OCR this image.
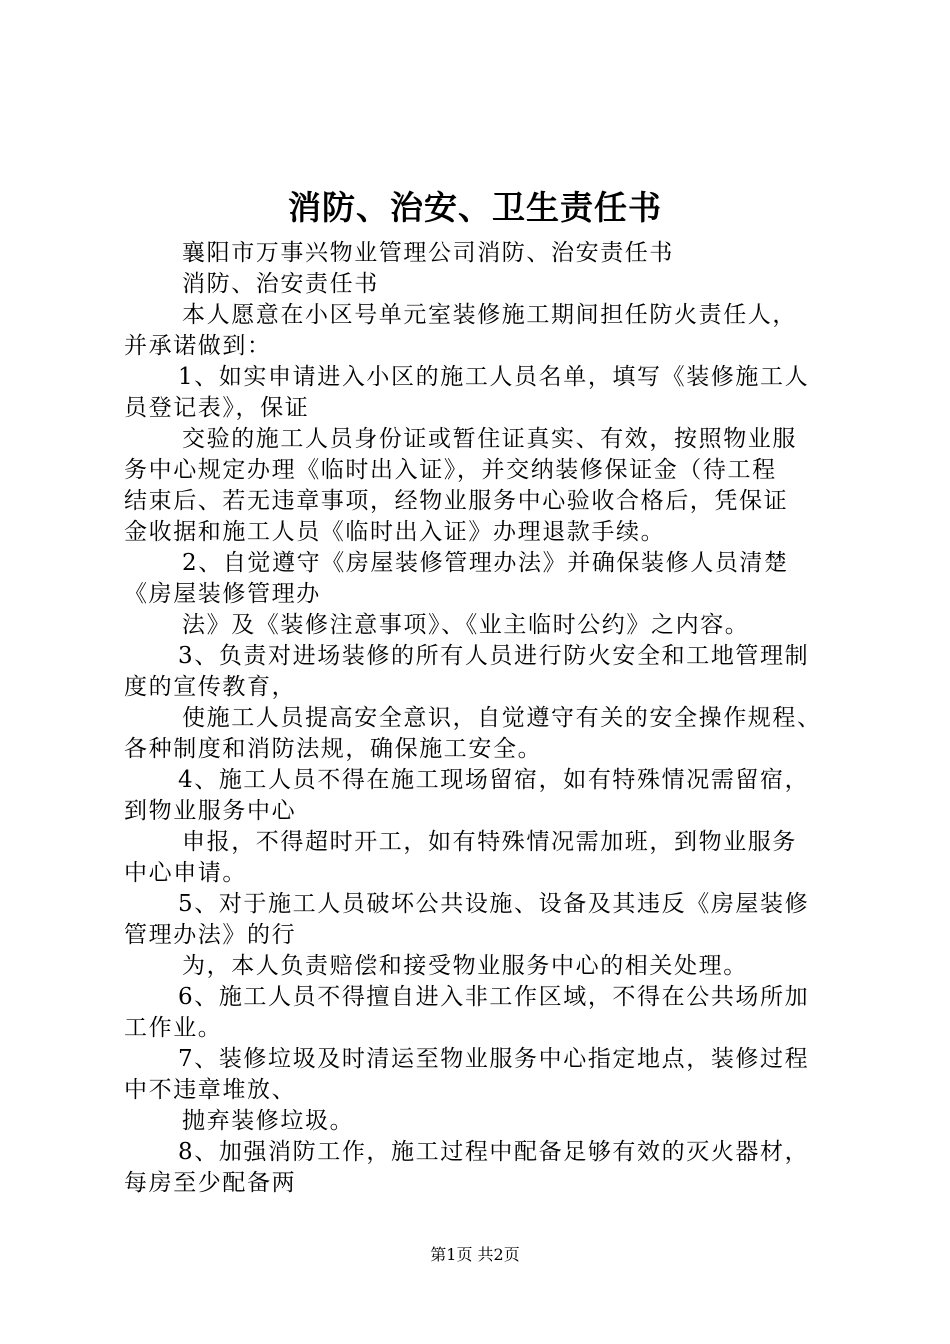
消防、治安、卫生责任书
襄阳市万事兴物业管理公司消防、治安责任书
消防、治安责任书
本人愿意在小区号单元室装修施工期间担任防火责任人，
并承诺做到：
1、如实申请进入小区的施工人员名单，填写《装修施工人
员登记表》，保证
交验的施工人员身份证或暂住证真实、有效，按照物业服
务中心规定办理《临时出入证》，并交纳装修保证金（待工程
结束后、若无违章事项，经物业服务中心验收合格后，凭保证
金收据和施工人员《临时出入证》办理退款手续。
2、自觉遵守《房屋装修管理办法》并确保装修人员清楚
《房屋装修管理办
法》及《装修注意事项》、《业主临时公约》之内容。
3、负责对进场装修的所有人员进行防火安全和工地管理制
度的宣传教育，
使施工人员提高安全意识，自觉遵守有关的安全操作规程、
各种制度和消防法规，确保施工安全。
4、施工人员不得在施工现场留宿，如有特殊情况需留宿，
到物业服务中心
申报，不得超时开工，如有特殊情况需加班，到物业服务
中心申请。
5、对于施工人员破坏公共设施、设备及其违反《房屋装修
管理办法》的行
为，本人负责赔偿和接受物业服务中心的相关处理。
6、施工人员不得擅自进入非工作区域，不得在公共场所加
工作业。
7、装修垃圾及时清运至物业服务中心指定地点，装修过程
中不违章堆放、
抛弃装修垃圾。
8、加强消防工作，施工过程中配备足够有效的灭火器材，
每房至少配备两
第1页 共2页
